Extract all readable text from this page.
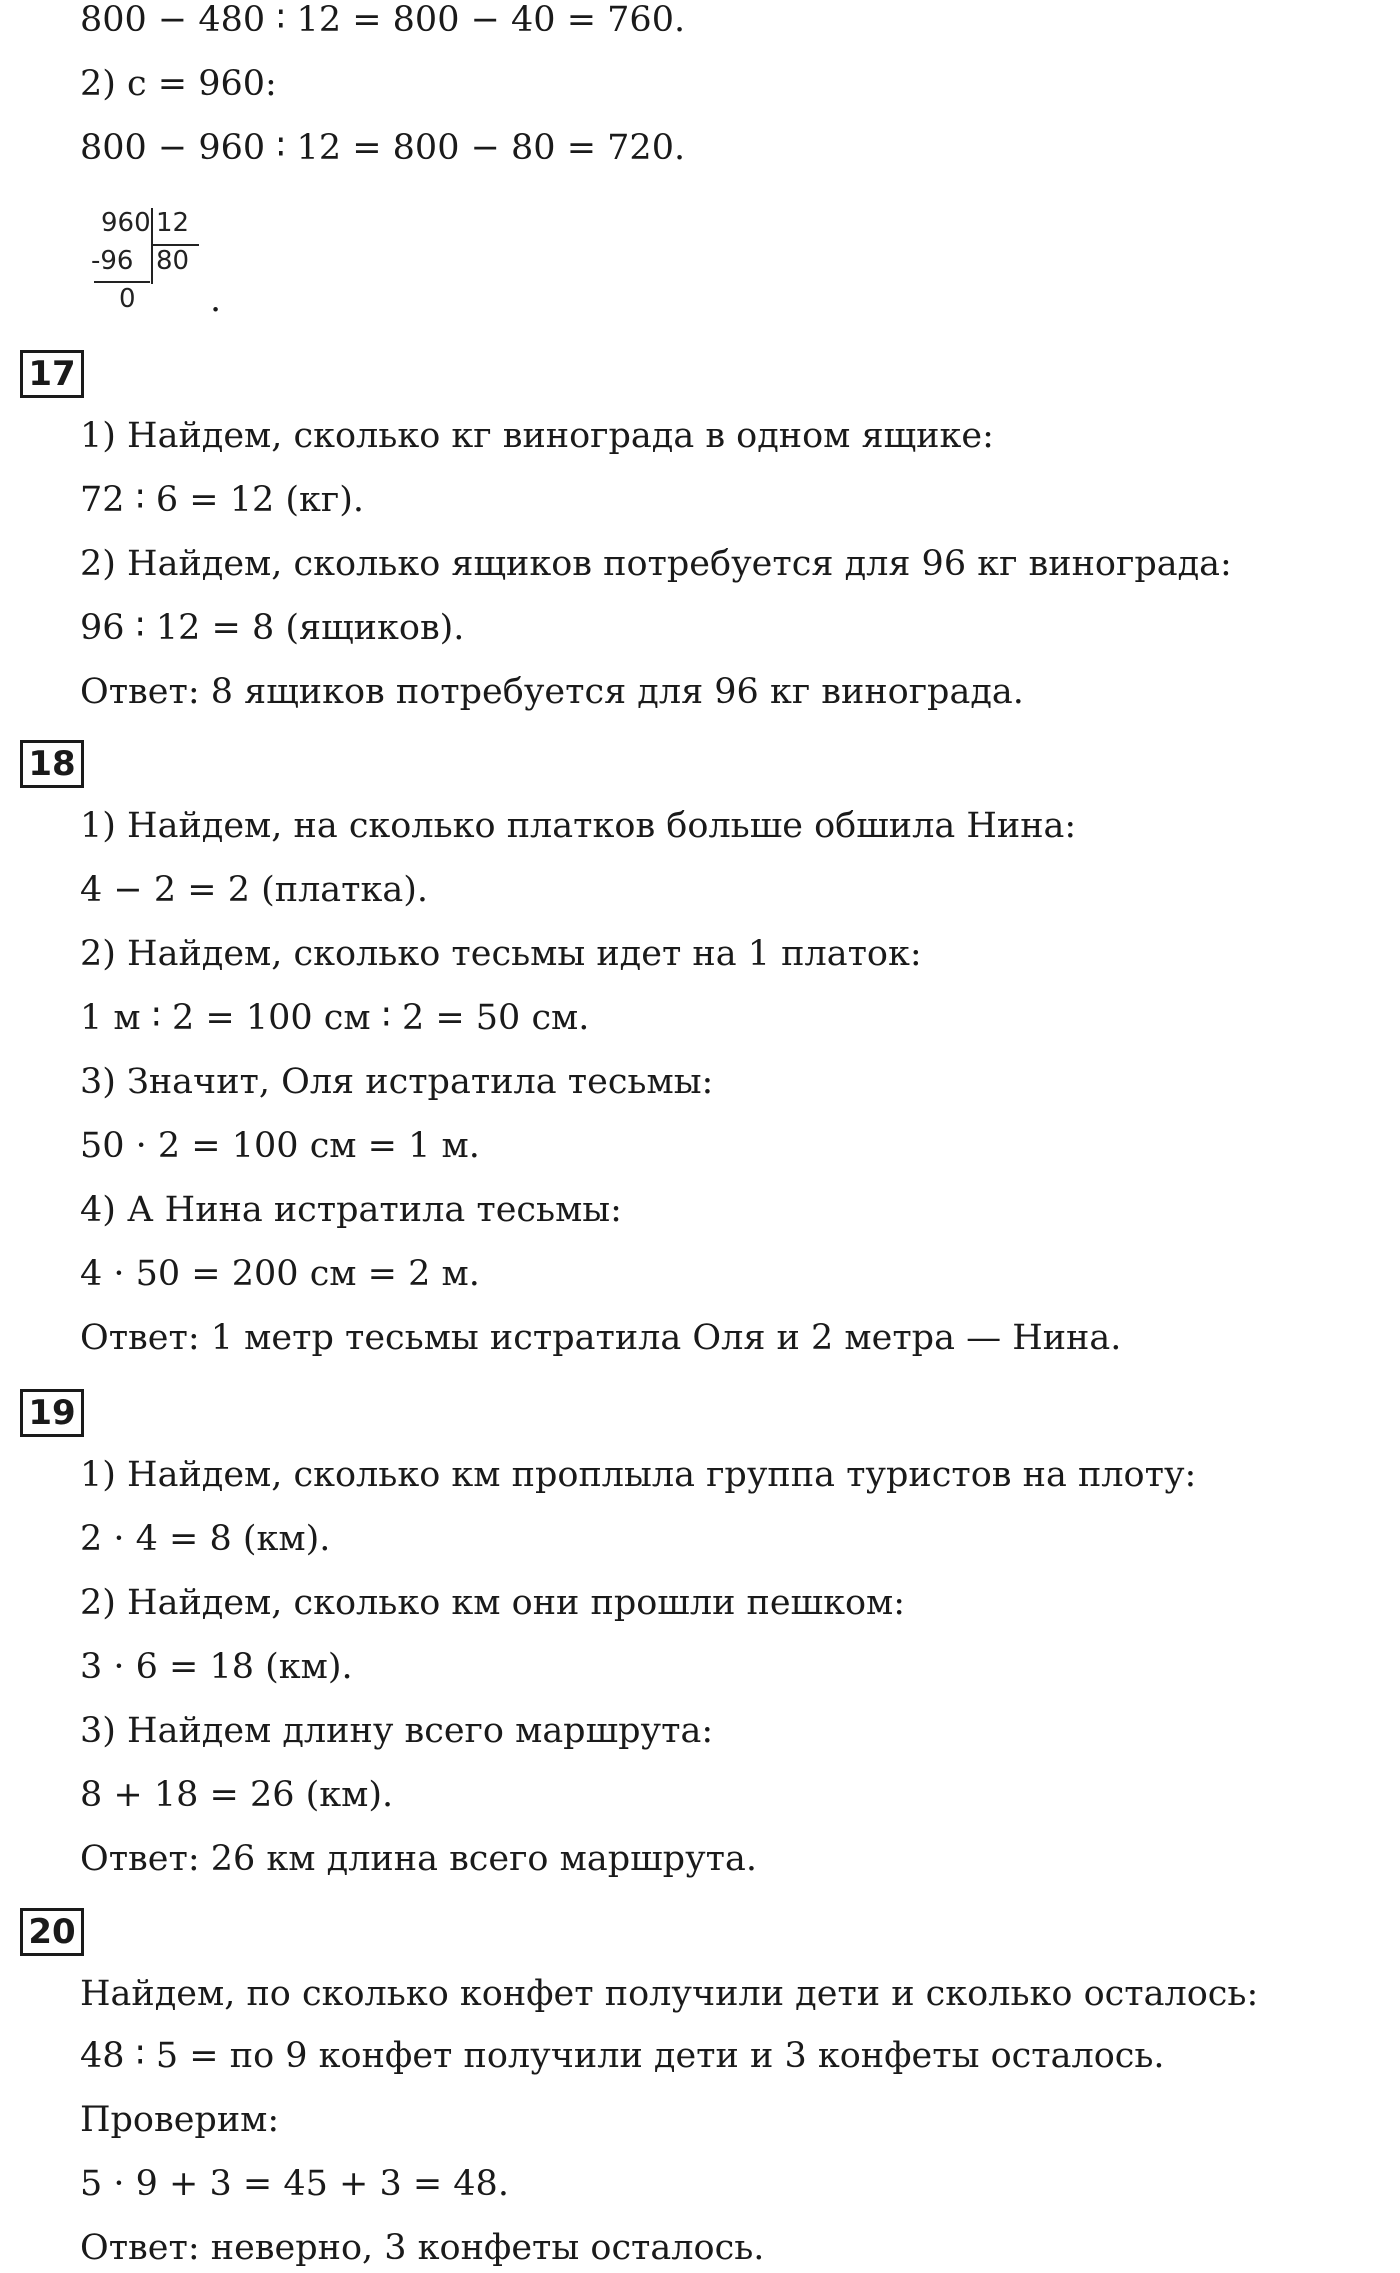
800 − 480 ∶ 12 = 800 − 40 = 760.
2) c = 960:
800 − 960 ∶ 12 = 800 − 80 = 720.
960 12
-96 80
0 .
17
1) Найдем, сколько кг винограда в одном ящике:
72 ∶ 6 = 12 (кг).
2) Найдем, сколько ящиков потребуется для 96 кг винограда:
96 ∶ 12 = 8 (ящиков).
Ответ: 8 ящиков потребуется для 96 кг винограда.
18
1) Найдем, на сколько платков больше обшила Нина:
4 − 2 = 2 (платка).
2) Найдем, сколько тесьмы идет на 1 платок:
1 м ∶ 2 = 100 см ∶ 2 = 50 см.
3) Значит, Оля истратила тесьмы:
50 · 2 = 100 см = 1 м.
4) А Нина истратила тесьмы:
4 · 50 = 200 см = 2 м.
Ответ: 1 метр тесьмы истратила Оля и 2 метра — Нина.
19
1) Найдем, сколько км проплыла группа туристов на плоту:
2 · 4 = 8 (км).
2) Найдем, сколько км они прошли пешком:
3 · 6 = 18 (км).
3) Найдем длину всего маршрута:
8 + 18 = 26 (км).
Ответ: 26 км длина всего маршрута.
20
Найдем, по сколько конфет получили дети и сколько осталось:
48 ∶ 5 = по 9 конфет получили дети и 3 конфеты осталось.
Проверим:
5 · 9 + 3 = 45 + 3 = 48.
Ответ: неверно, 3 конфеты осталось.
